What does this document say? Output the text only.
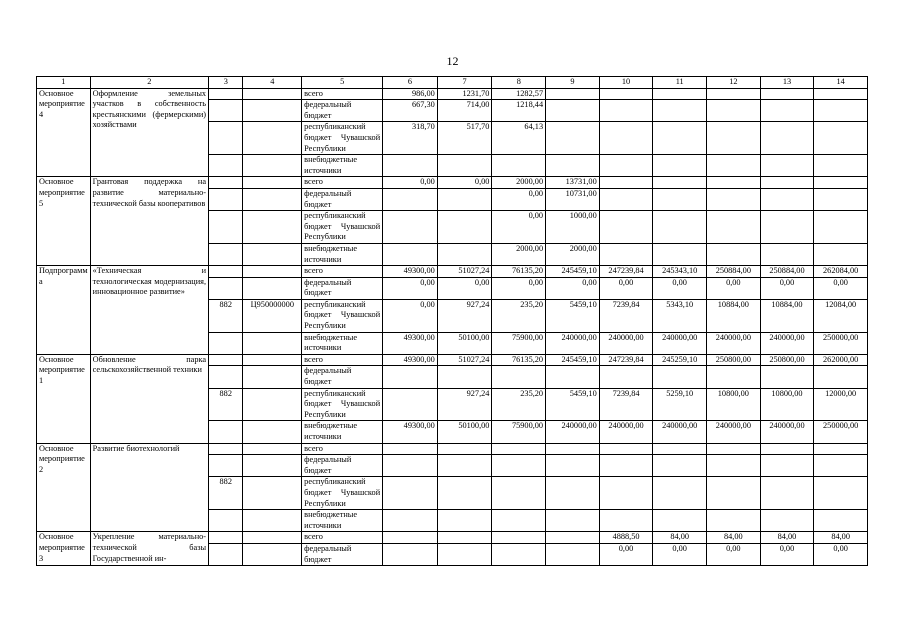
12
1	2	3	4	5	6	7	8	9	10	11	12	13	14
Основное мероприятие 4	Оформление земельных участков в собственность крестьянскими (фермерскими) хозяйствами			всего	986,00	1231,70	1282,57						
				федеральный бюджет	667,30	714,00	1218,44						
				республиканский бюджет Чувашской Республики	318,70	517,70	64,13						
				внебюджетные источники									
Основное мероприятие 5	Грантовая поддержка на развитие материально-технической базы кооперативов			всего	0,00	0,00	2000,00	13731,00					
				федеральный бюджет			0,00	10731,00					
				республиканский бюджет Чувашской Республики			0,00	1000,00					
				внебюджетные источники			2000,00	2000,00					
Подпрограмма	«Техническая и технологическая модернизация, инновационное развитие»			всего	49300,00	51027,24	76135,20	245459,10	247239,84	245343,10	250884,00	250884,00	262084,00
				федеральный бюджет	0,00	0,00	0,00	0,00	0,00	0,00	0,00	0,00	0,00
		882	Ц950000000	республиканский бюджет Чувашской Республики	0,00	927,24	235,20	5459,10	7239,84	5343,10	10884,00	10884,00	12084,00
				внебюджетные источники	49300,00	50100,00	75900,00	240000,00	240000,00	240000,00	240000,00	240000,00	250000,00
Основное мероприятие 1	Обновление парка сельскохозяйственной техники			всего	49300,00	51027,24	76135,20	245459,10	247239,84	245259,10	250800,00	250800,00	262000,00
				федеральный бюджет									
		882		республиканский бюджет Чувашской Республики		927,24	235,20	5459,10	7239,84	5259,10	10800,00	10800,00	12000,00
				внебюджетные источники	49300,00	50100,00	75900,00	240000,00	240000,00	240000,00	240000,00	240000,00	250000,00
Основное мероприятие 2	Развитие биотехнологий			всего									
				федеральный бюджет									
		882		республиканский бюджет Чувашской Республики									
				внебюджетные источники									
Основное мероприятие 3	Укрепление материально-технической базы Государственной ин-			всего					4888,50	84,00	84,00	84,00	84,00
				федеральный бюджет					0,00	0,00	0,00	0,00	0,00
